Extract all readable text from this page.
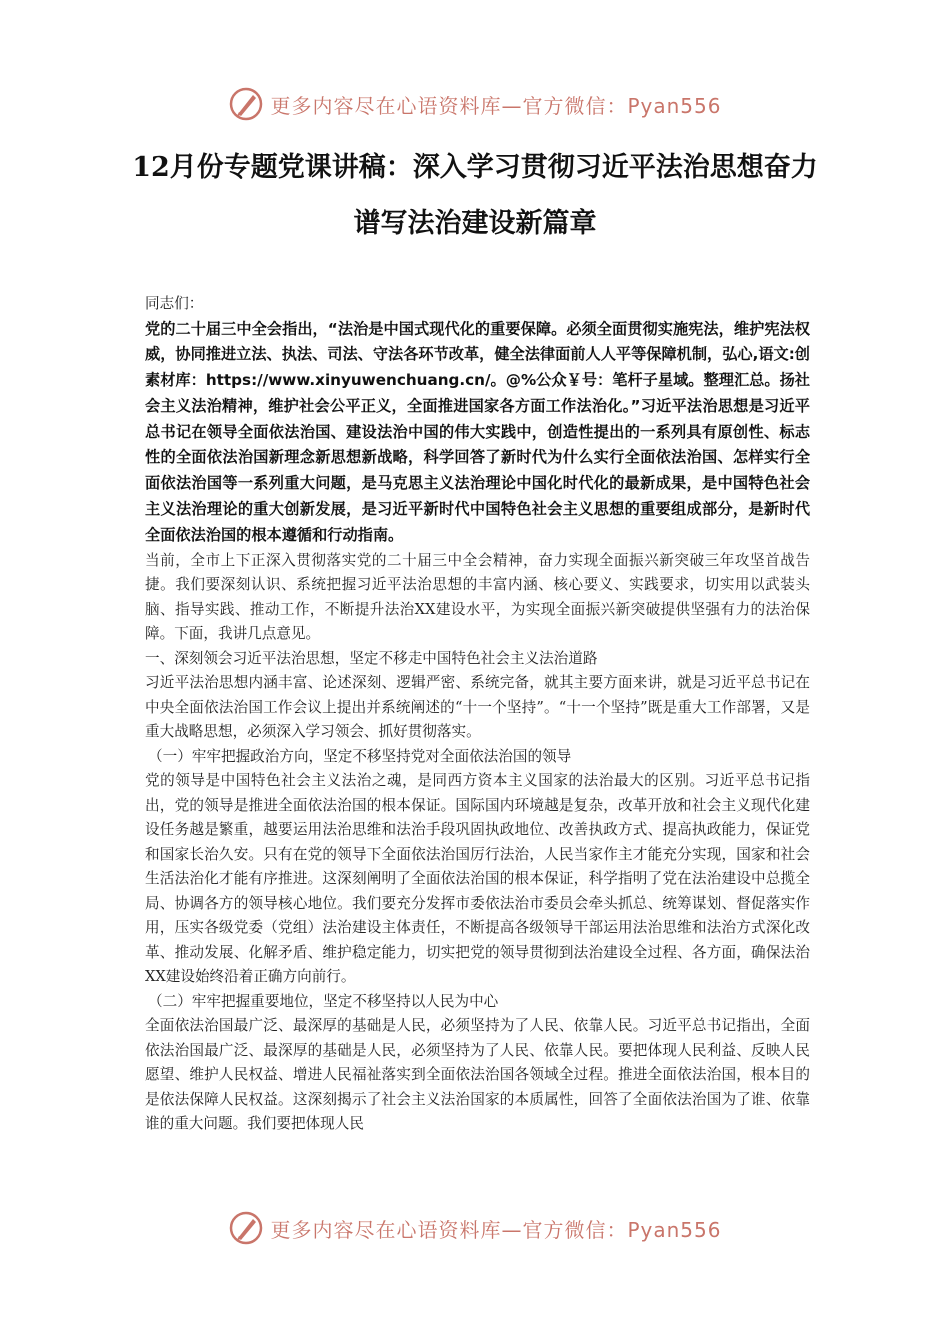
更多内容尽在心语资料库—官方微信：Pyan556
12月份专题党课讲稿：深入学习贯彻习近平法治思想奋力谱写法治建设新篇章

同志们：

党的二十届三中全会指出，“法治是中国式现代化的重要保障。必须全面贯彻实施宪法，维护宪法权威，协同推进立法、执法、司法、守法各环节改革，健全法律面前人人平等保障机制，弘心,语文:创素材库：https://www.xinyuwenchuang.cn/。@%公众￥号：笔杆子星域。整理汇总。扬社会主义法治精神，维护社会公平正义，全面推进国家各方面工作法治化。”习近平法治思想是习近平总书记在领导全面依法治国、建设法治中国的伟大实践中，创造性提出的一系列具有原创性、标志性的全面依法治国新理念新思想新战略，科学回答了新时代为什么实行全面依法治国、怎样实行全面依法治国等一系列重大问题，是马克思主义法治理论中国化时代化的最新成果，是中国特色社会主义法治理论的重大创新发展，是习近平新时代中国特色社会主义思想的重要组成部分，是新时代全面依法治国的根本遵循和行动指南。

当前，全市上下正深入贯彻落实党的二十届三中全会精神，奋力实现全面振兴新突破三年攻坚首战告捷。我们要深刻认识、系统把握习近平法治思想的丰富内涵、核心要义、实践要求，切实用以武装头脑、指导实践、推动工作，不断提升法治XX建设水平，为实现全面振兴新突破提供坚强有力的法治保障。下面，我讲几点意见。

一、深刻领会习近平法治思想，坚定不移走中国特色社会主义法治道路

习近平法治思想内涵丰富、论述深刻、逻辑严密、系统完备，就其主要方面来讲，就是习近平总书记在中央全面依法治国工作会议上提出并系统阐述的“十一个坚持”。“十一个坚持”既是重大工作部署，又是重大战略思想，必须深入学习领会、抓好贯彻落实。

（一）牢牢把握政治方向，坚定不移坚持党对全面依法治国的领导

党的领导是中国特色社会主义法治之魂，是同西方资本主义国家的法治最大的区别。习近平总书记指出，党的领导是推进全面依法治国的根本保证。国际国内环境越是复杂，改革开放和社会主义现代化建设任务越是繁重，越要运用法治思维和法治手段巩固执政地位、改善执政方式、提高执政能力，保证党和国家长治久安。只有在党的领导下全面依法治国厉行法治，人民当家作主才能充分实现，国家和社会生活法治化才能有序推进。这深刻阐明了全面依法治国的根本保证，科学指明了党在法治建设中总揽全局、协调各方的领导核心地位。我们要充分发挥市委依法治市委员会牵头抓总、统筹谋划、督促落实作用，压实各级党委（党组）法治建设主体责任，不断提高各级领导干部运用法治思维和法治方式深化改革、推动发展、化解矛盾、维护稳定能力，切实把党的领导贯彻到法治建设全过程、各方面，确保法治XX建设始终沿着正确方向前行。

（二）牢牢把握重要地位，坚定不移坚持以人民为中心

全面依法治国最广泛、最深厚的基础是人民，必须坚持为了人民、依靠人民。习近平总书记指出，全面依法治国最广泛、最深厚的基础是人民，必须坚持为了人民、依靠人民。要把体现人民利益、反映人民愿望、维护人民权益、增进人民福祉落实到全面依法治国各领域全过程。推进全面依法治国，根本目的是依法保障人民权益。这深刻揭示了社会主义法治国家的本质属性，回答了全面依法治国为了谁、依靠谁的重大问题。我们要把体现人民

更多内容尽在心语资料库—官方微信：Pyan556
